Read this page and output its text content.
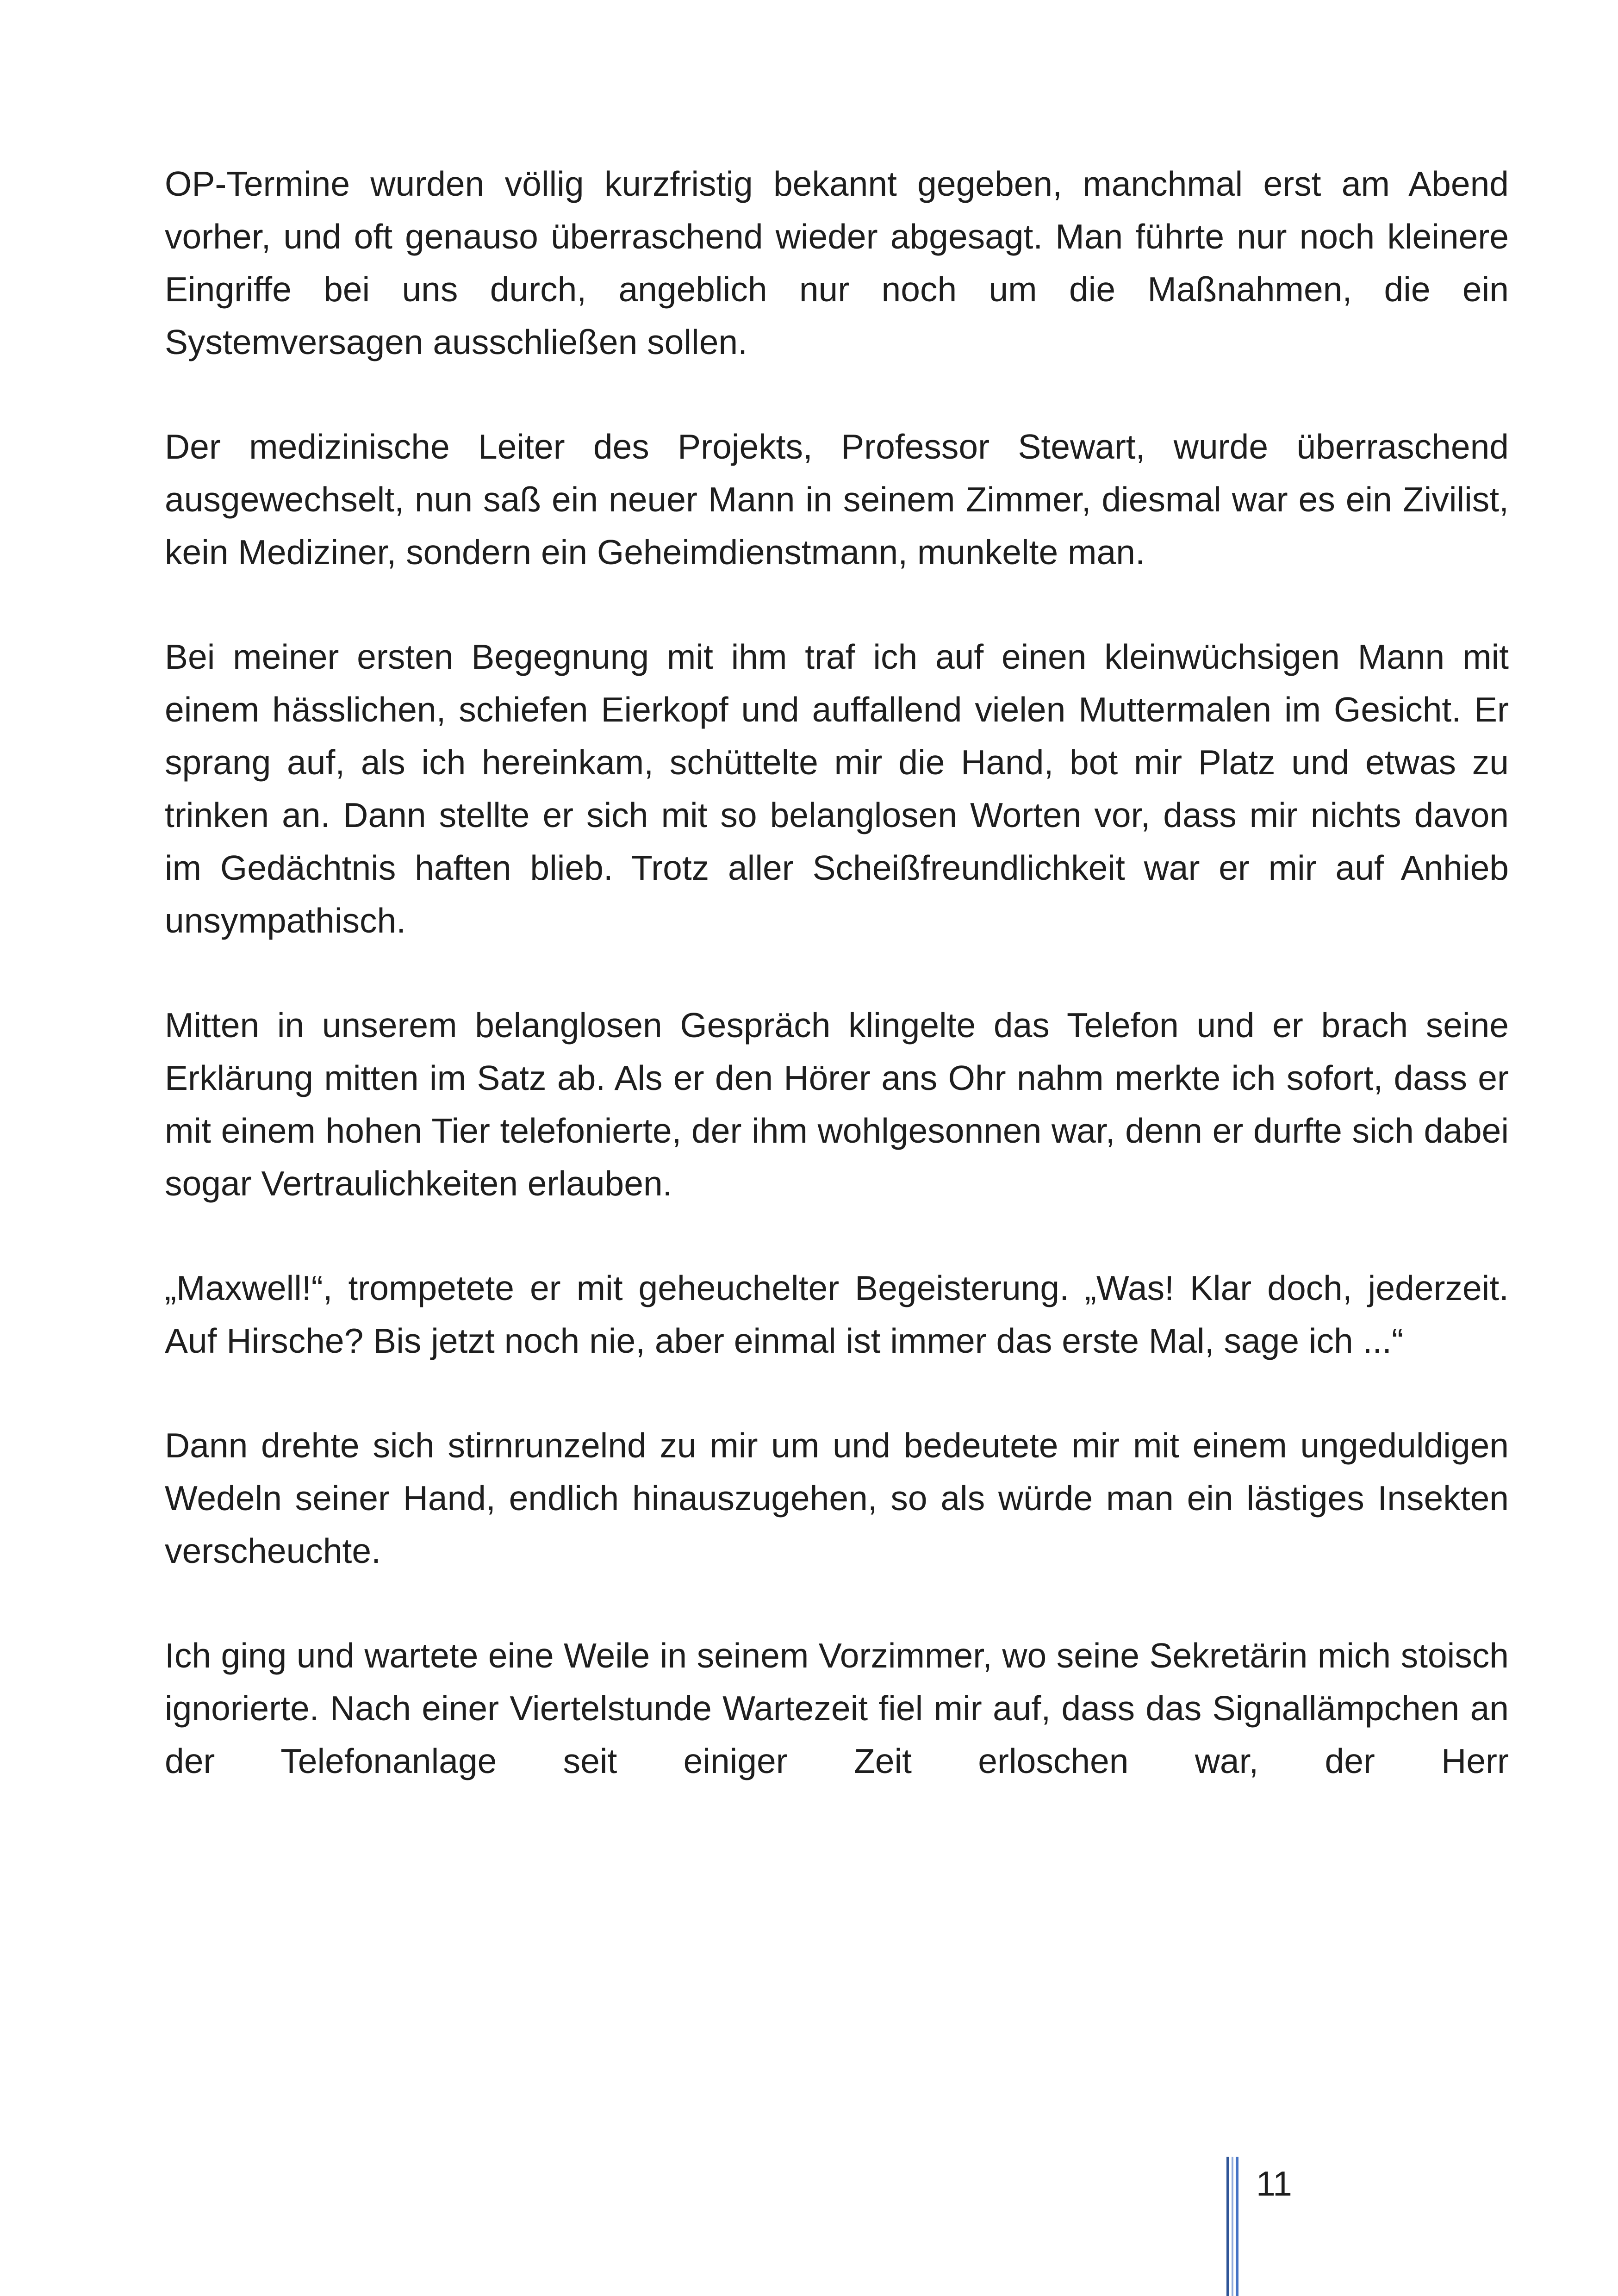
OP-Termine wurden völlig kurzfristig bekannt gegeben, manchmal erst am Abend vorher, und oft genauso überraschend wieder abgesagt. Man führte nur noch kleinere Eingriffe bei uns durch, angeblich nur noch um die Maßnahmen, die ein Systemversagen ausschließen sollen.

Der medizinische Leiter des Projekts, Professor Stewart, wurde überraschend ausgewechselt, nun saß ein neuer Mann in seinem Zimmer, diesmal war es ein Zivilist, kein Mediziner, sondern ein Geheimdienstmann, munkelte man.

Bei meiner ersten Begegnung mit ihm traf ich auf einen kleinwüchsigen Mann mit einem hässlichen, schiefen Eierkopf und auffallend vielen Muttermalen im Gesicht. Er sprang auf, als ich hereinkam, schüttelte mir die Hand, bot mir Platz und etwas zu trinken an. Dann stellte er sich mit so belanglosen Worten vor, dass mir nichts davon im Gedächtnis haften blieb. Trotz aller Scheißfreundlichkeit war er mir auf Anhieb unsympathisch.

Mitten in unserem belanglosen Gespräch klingelte das Telefon und er brach seine Erklärung mitten im Satz ab. Als er den Hörer ans Ohr nahm merkte ich sofort, dass er mit einem hohen Tier telefonierte, der ihm wohlgesonnen war, denn er durfte sich dabei sogar Vertraulichkeiten erlauben.

„Maxwell!“, trompetete er mit geheuchelter Begeisterung. „Was! Klar doch, jederzeit. Auf Hirsche? Bis jetzt noch nie, aber einmal ist immer das erste Mal, sage ich ...“

Dann drehte sich stirnrunzelnd zu mir um und bedeutete mir mit einem ungeduldigen Wedeln seiner Hand, endlich hinauszugehen, so als würde man ein lästiges Insekten verscheuchte.

Ich ging und wartete eine Weile in seinem Vorzimmer, wo seine Sekretärin mich stoisch ignorierte. Nach einer Viertelstunde Wartezeit fiel mir auf, dass das Signallämpchen an der Telefonanlage seit einiger Zeit erloschen war, der Herr

11
